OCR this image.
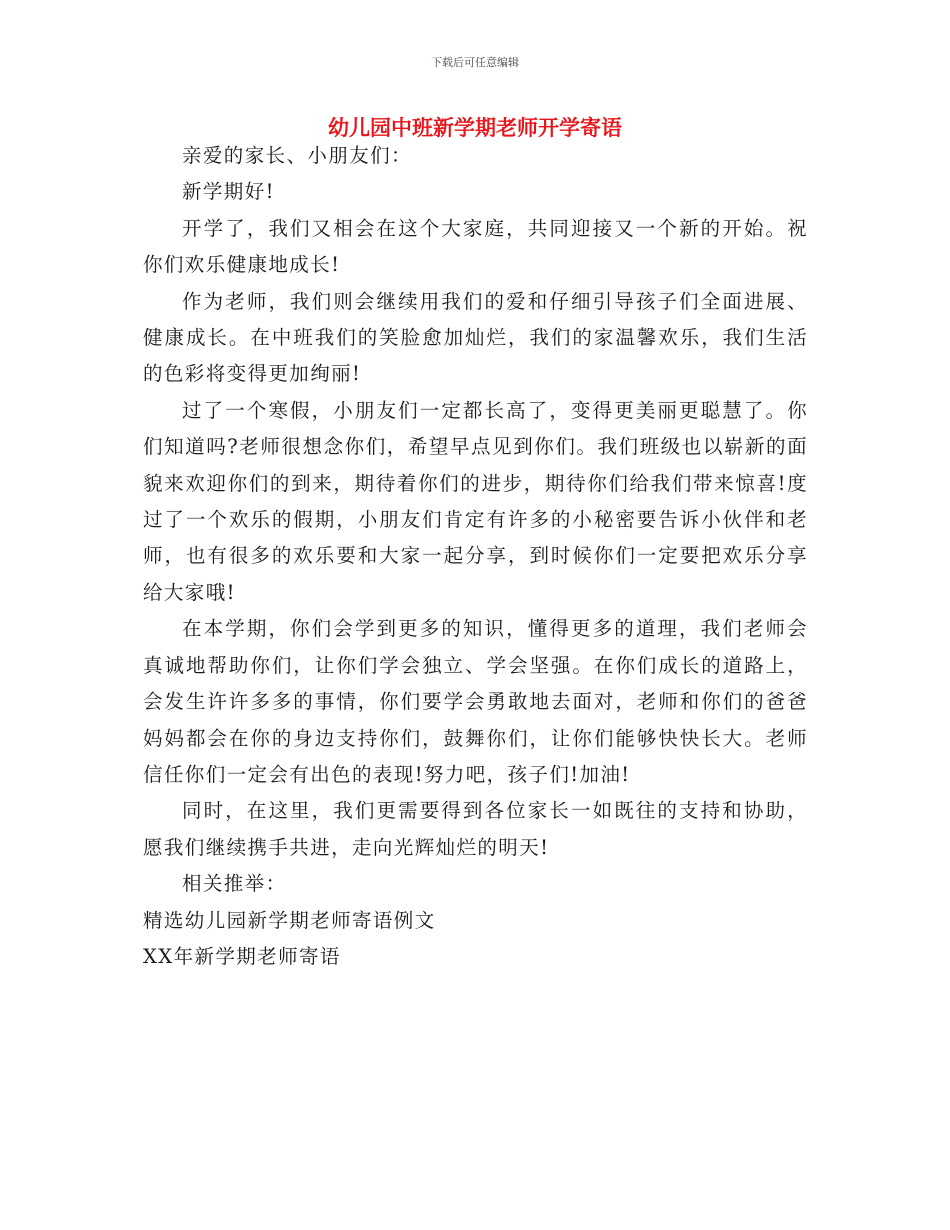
下载后可任意编辑
幼儿园中班新学期老师开学寄语

亲爱的家长、小朋友们：

新学期好!

开学了，我们又相会在这个大家庭，共同迎接又一个新的开始。祝你们欢乐健康地成长!

作为老师，我们则会继续用我们的爱和仔细引导孩子们全面进展、健康成长。在中班我们的笑脸愈加灿烂，我们的家温馨欢乐，我们生活的色彩将变得更加绚丽!

过了一个寒假，小朋友们一定都长高了，变得更美丽更聪慧了。你们知道吗?老师很想念你们，希望早点见到你们。我们班级也以崭新的面貌来欢迎你们的到来，期待着你们的进步，期待你们给我们带来惊喜!度过了一个欢乐的假期，小朋友们肯定有许多的小秘密要告诉小伙伴和老师，也有很多的欢乐要和大家一起分享，到时候你们一定要把欢乐分享给大家哦!

在本学期，你们会学到更多的知识，懂得更多的道理，我们老师会真诚地帮助你们，让你们学会独立、学会坚强。在你们成长的道路上，会发生许许多多的事情，你们要学会勇敢地去面对，老师和你们的爸爸妈妈都会在你的身边支持你们，鼓舞你们，让你们能够快快长大。老师信任你们一定会有出色的表现!努力吧，孩子们!加油!

同时，在这里，我们更需要得到各位家长一如既往的支持和协助，愿我们继续携手共进，走向光辉灿烂的明天!

相关推举：

精选幼儿园新学期老师寄语例文

XX年新学期老师寄语
